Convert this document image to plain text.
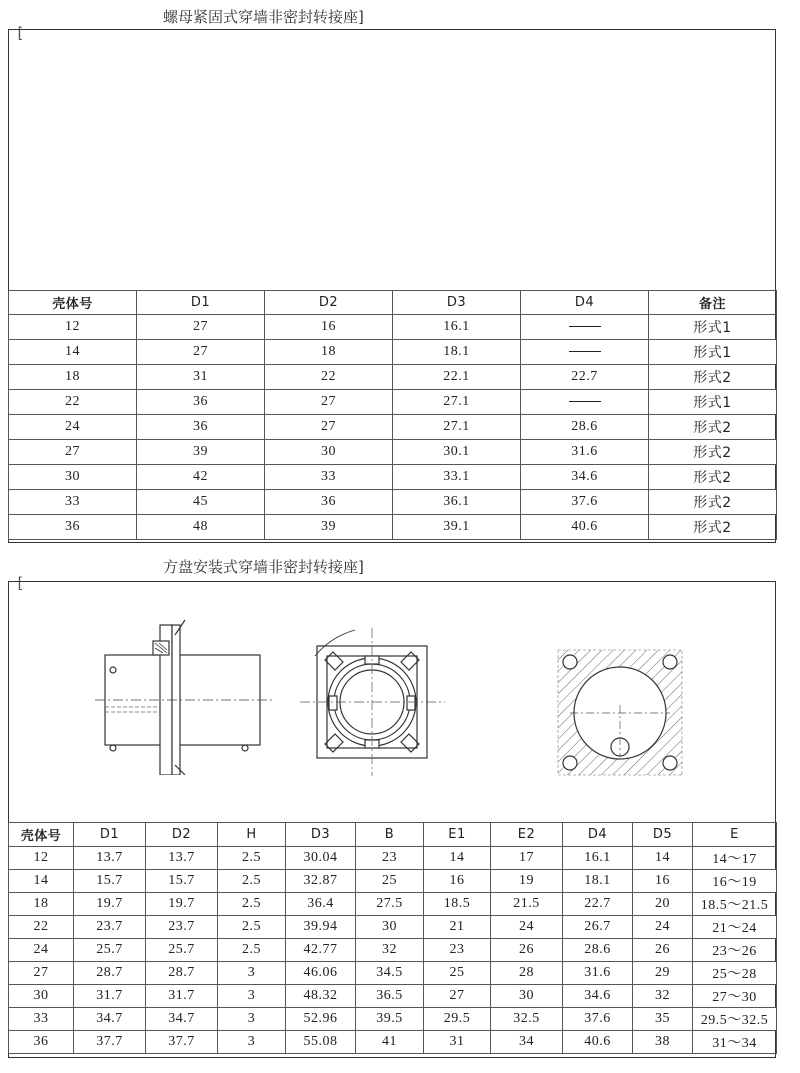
[

螺母紧固式穿墙非密封转接座]

壳体号	D1	D2	D3	D4	备注
12	27	16	16.1		形式1
14	27	18	18.1		形式1
18	31	22	22.1	22.7	形式2
22	36	27	27.1		形式1
24	36	27	27.1	28.6	形式2
27	39	30	30.1	31.6	形式2
30	42	33	33.1	34.6	形式2
33	45	36	36.1	37.6	形式2
36	48	39	39.1	40.6	形式2

[

方盘安装式穿墙非密封转接座]

壳体号	D1	D2	H	D3	B	E1	E2	D4	D5	E
12	13.7	13.7	2.5	30.04	23	14	17	16.1	14	14～17
14	15.7	15.7	2.5	32.87	25	16	19	18.1	16	16～19
18	19.7	19.7	2.5	36.4	27.5	18.5	21.5	22.7	20	18.5～21.5
22	23.7	23.7	2.5	39.94	30	21	24	26.7	24	21～24
24	25.7	25.7	2.5	42.77	32	23	26	28.6	26	23～26
27	28.7	28.7	3	46.06	34.5	25	28	31.6	29	25～28
30	31.7	31.7	3	48.32	36.5	27	30	34.6	32	27～30
33	34.7	34.7	3	52.96	39.5	29.5	32.5	37.6	35	29.5～32.5
36	37.7	37.7	3	55.08	41	31	34	40.6	38	31～34
